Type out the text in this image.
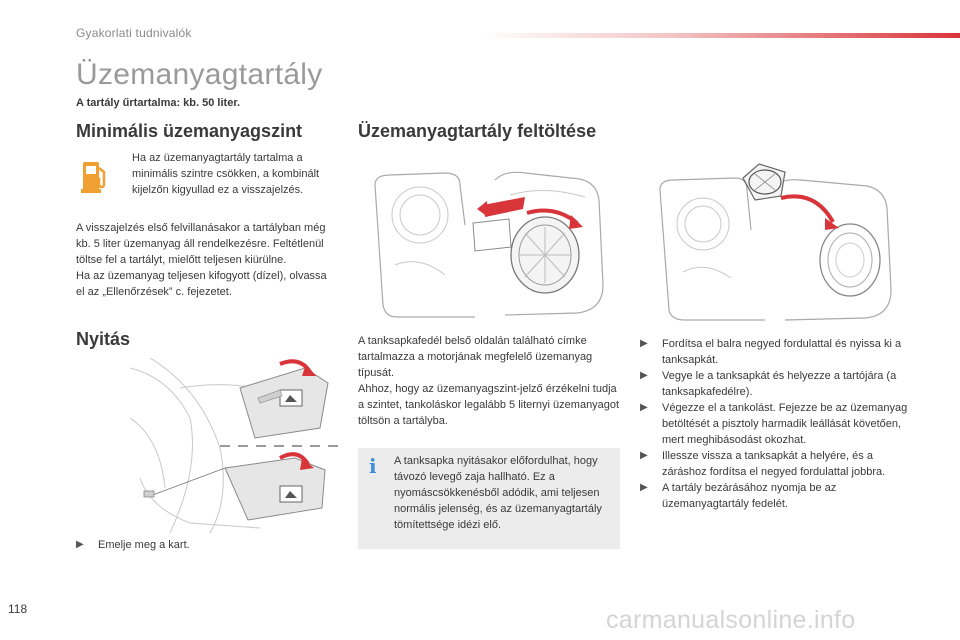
Gyakorlati tudnivalók
Üzemanyagtartály
A tartály űrtartalma: kb. 50 liter.
Minimális üzemanyagszint
Ha az üzemanyagtartály tartalma a minimális szintre csökken, a kombinált kijelzőn kigyullad ez a visszajelzés.
A visszajelzés első felvillanásakor a tartályban még kb. 5 liter üzemanyag áll rendelkezésre. Feltétlenül töltse fel a tartályt, mielőtt teljesen kiürülne.
Ha az üzemanyag teljesen kifogyott (dízel), olvassa el az „Ellenőrzések” c. fejezetet.
Nyitás
▶ Emelje meg a kart.
Üzemanyagtartály feltöltése
A tanksapkafedél belső oldalán található címke tartalmazza a motorjának megfelelő üzemanyag típusát.
Ahhoz, hogy az üzemanyagszint-jelző érzékelni tudja a szintet, tankoláskor legalább 5 liternyi üzemanyagot töltsön a tartályba.
i	A tanksapka nyitásakor előfordulhat, hogy távozó levegő zaja hallható. Ez a nyomáscsökkenésből adódik, ami teljesen normális jelenség, és az üzemanyagtartály tömítettsége idézi elő.
▶ Fordítsa el balra negyed fordulattal és nyissa ki a tanksapkát.
▶ Vegye le a tanksapkát és helyezze a tartójára (a tanksapkafedélre).
▶ Végezze el a tankolást. Fejezze be az üzemanyag betöltését a pisztoly harmadik leállását követően, mert meghibásodást okozhat.
▶ Illessze vissza a tanksapkát a helyére, és a záráshoz fordítsa el negyed fordulattal jobbra.
▶ A tartály bezárásához nyomja be az üzemanyagtartály fedelét.
118	carmanualsonline.info
